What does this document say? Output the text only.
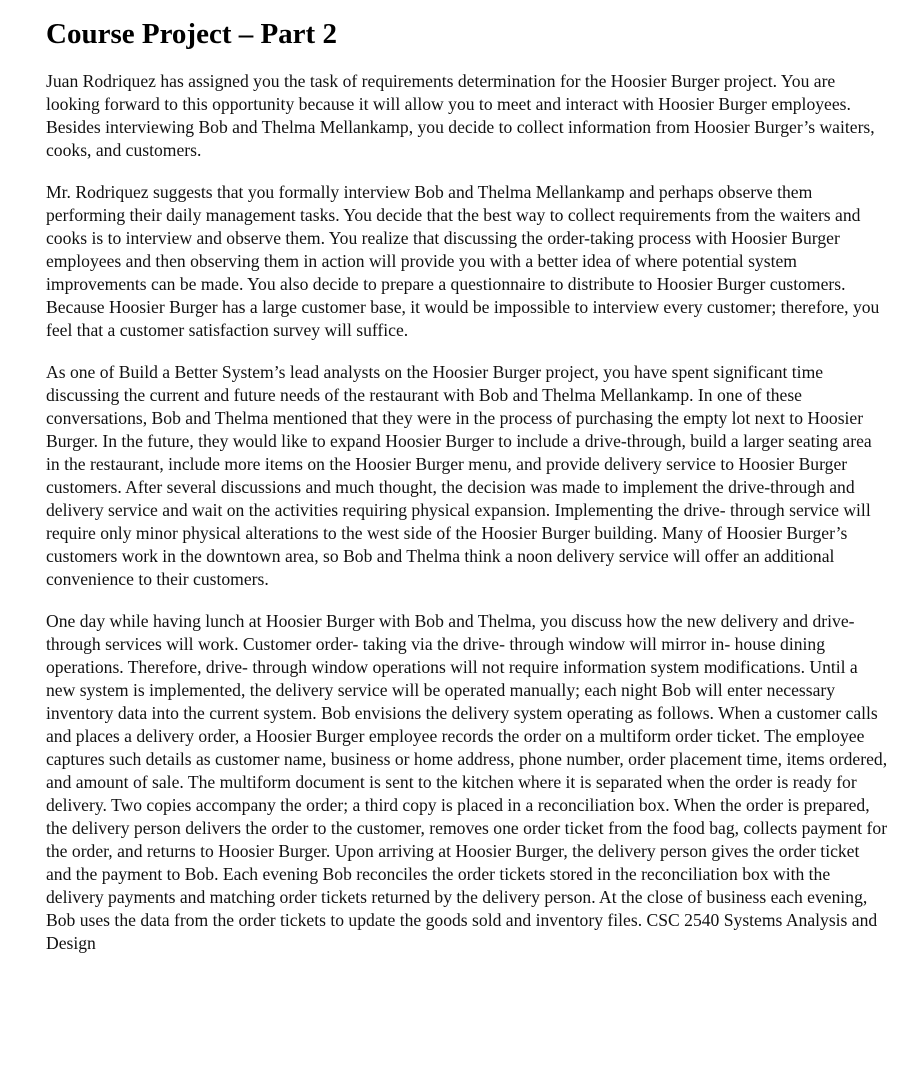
Course Project – Part 2

Juan Rodriquez has assigned you the task of requirements determination for the Hoosier Burger project. You are looking forward to this opportunity because it will allow you to meet and interact with Hoosier Burger employees. Besides interviewing Bob and Thelma Mellankamp, you decide to collect information from Hoosier Burger’s waiters, cooks, and customers.

Mr. Rodriquez suggests that you formally interview Bob and Thelma Mellankamp and perhaps observe them performing their daily management tasks. You decide that the best way to collect requirements from the waiters and cooks is to interview and observe them. You realize that discussing the order-taking process with Hoosier Burger employees and then observing them in action will provide you with a better idea of where potential system improvements can be made. You also decide to prepare a questionnaire to distribute to Hoosier Burger customers. Because Hoosier Burger has a large customer base, it would be impossible to interview every customer; therefore, you feel that a customer satisfaction survey will suffice.

As one of Build a Better System’s lead analysts on the Hoosier Burger project, you have spent significant time discussing the current and future needs of the restaurant with Bob and Thelma Mellankamp. In one of these conversations, Bob and Thelma mentioned that they were in the process of purchasing the empty lot next to Hoosier Burger. In the future, they would like to expand Hoosier Burger to include a drive-through, build a larger seating area in the restaurant, include more items on the Hoosier Burger menu, and provide delivery service to Hoosier Burger customers. After several discussions and much thought, the decision was made to implement the drive-through and delivery service and wait on the activities requiring physical expansion. Implementing the drive- through service will require only minor physical alterations to the west side of the Hoosier Burger building. Many of Hoosier Burger’s customers work in the downtown area, so Bob and Thelma think a noon delivery service will offer an additional convenience to their customers.

One day while having lunch at Hoosier Burger with Bob and Thelma, you discuss how the new delivery and drive- through services will work. Customer order- taking via the drive- through window will mirror in- house dining operations. Therefore, drive- through window operations will not require information system modifications. Until a new system is implemented, the delivery service will be operated manually; each night Bob will enter necessary inventory data into the current system. Bob envisions the delivery system operating as follows. When a customer calls and places a delivery order, a Hoosier Burger employee records the order on a multiform order ticket. The employee captures such details as customer name, business or home address, phone number, order placement time, items ordered, and amount of sale. The multiform document is sent to the kitchen where it is separated when the order is ready for delivery. Two copies accompany the order; a third copy is placed in a reconciliation box. When the order is prepared, the delivery person delivers the order to the customer, removes one order ticket from the food bag, collects payment for the order, and returns to Hoosier Burger. Upon arriving at Hoosier Burger, the delivery person gives the order ticket and the payment to Bob. Each evening Bob reconciles the order tickets stored in the reconciliation box with the delivery payments and matching order tickets returned by the delivery person. At the close of business each evening, Bob uses the data from the order tickets to update the goods sold and inventory files. CSC 2540 Systems Analysis and Design
